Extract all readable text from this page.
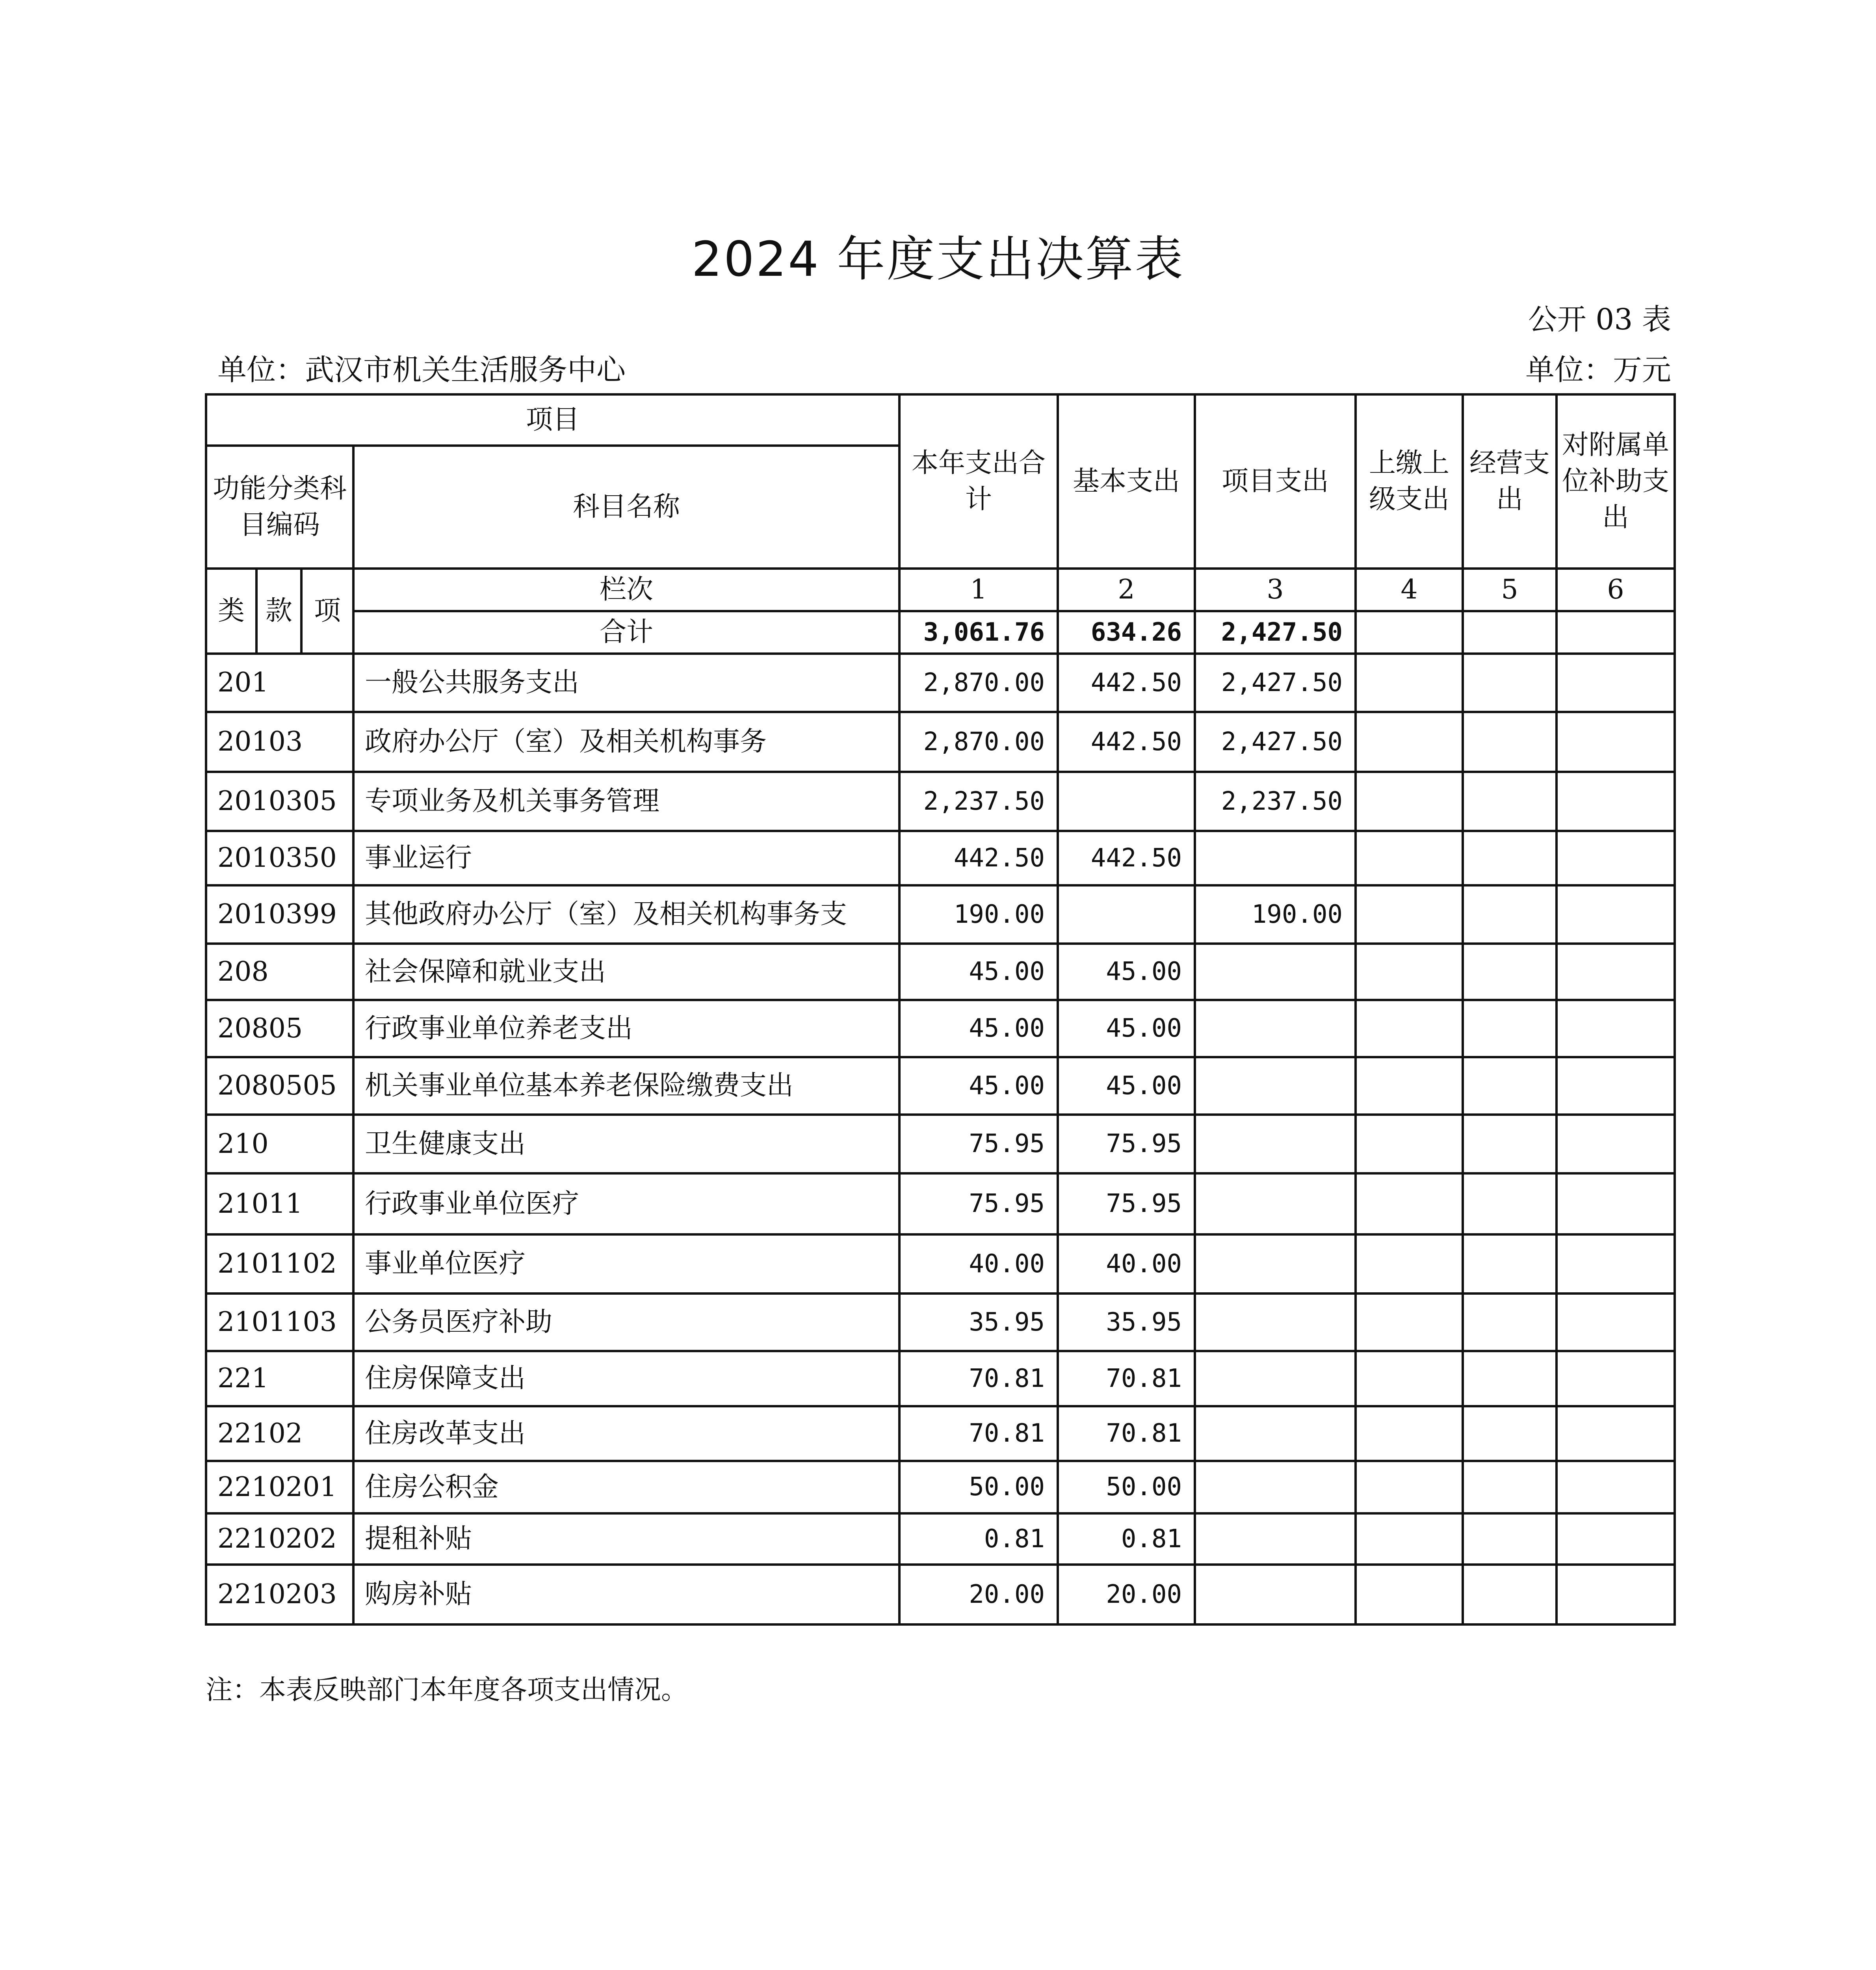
2024 年度支出决算表
公开 03 表
单位：武汉市机关生活服务中心	单位：万元
项目				本年支出合计	基本支出	项目支出	上缴上级支出	经营支出	对附属单位补助支出
功能分类科目编码			科目名称						
类	款	项	栏次	1	2	3	4	5	6
			合计	3,061.76	634.26	2,427.50			
201			一般公共服务支出	2,870.00	442.50	2,427.50			
20103			政府办公厅（室）及相关机构事务	2,870.00	442.50	2,427.50			
2010305			专项业务及机关事务管理	2,237.50		2,237.50			
2010350			事业运行	442.50	442.50				
2010399			其他政府办公厅（室）及相关机构事务支	190.00		190.00			
208			社会保障和就业支出	45.00	45.00				
20805			行政事业单位养老支出	45.00	45.00				
2080505			机关事业单位基本养老保险缴费支出	45.00	45.00				
210			卫生健康支出	75.95	75.95				
21011			行政事业单位医疗	75.95	75.95				
2101102			事业单位医疗	40.00	40.00				
2101103			公务员医疗补助	35.95	35.95				
221			住房保障支出	70.81	70.81				
22102			住房改革支出	70.81	70.81				
2210201			住房公积金	50.00	50.00				
2210202			提租补贴	0.81	0.81				
2210203			购房补贴	20.00	20.00				
注：本表反映部门本年度各项支出情况。
